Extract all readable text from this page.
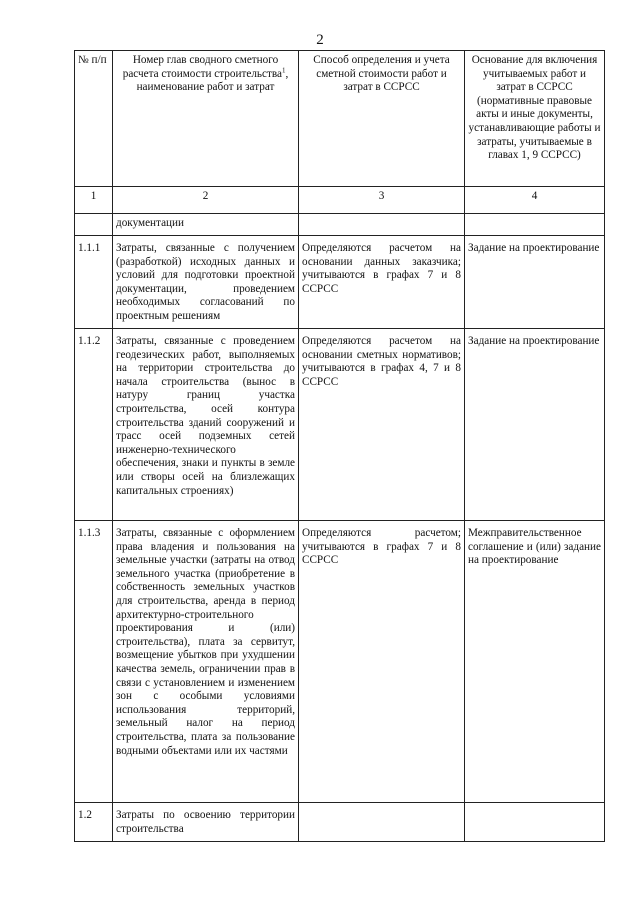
2
№ п/п	Номер глав сводного сметного расчета стоимости строительства$^1$, наименование работ и затрат	Способ определения и учета сметной стоимости работ и затрат в ССРСС	Основание для включения учитываемых работ и затрат в ССРСС (нормативные правовые акты и иные документы, устанавливающие работы и затраты, учитываемые в главах 1, 9 ССРСС)
1	2	3	4
	документации		
1.1.1	Затраты, связанные с получением (разработкой) исходных данных и условий для подготовки проектной документации, проведением необходимых согласований по проектным решениям	Определяются расчетом на основании данных заказчика; учитываются в графах 7 и 8 ССРСС	Задание на проектирование
1.1.2	Затраты, связанные с проведением геодезических работ, выполняемых на территории строительства до начала строительства (вынос в натуру границ участка строительства, осей контура строительства зданий сооружений и трасс осей подземных сетей инженерно-технического обеспечения, знаки и пункты в земле или створы осей на близлежащих капитальных строениях)	Определяются расчетом на основании сметных нормативов; учитываются в графах 4, 7 и 8 ССРСС	Задание на проектирование
1.1.3	Затраты, связанные с оформлением права владения и пользования на земельные участки (затраты на отвод земельного участка (приобретение в собственность земельных участков для строительства, аренда в период архитектурно-строительного проектирования и (или) строительства), плата за сервитут, возмещение убытков при ухудшении качества земель, ограничении прав в связи с установлением и изменением зон с особыми условиями использования территорий, земельный налог на период строительства, плата за пользование водными объектами или их частями	Определяются расчетом; учитываются в графах 7 и 8 ССРСС	Межправительственное соглашение и (или) задание на проектирование
1.2	Затраты по освоению территории строительства		
